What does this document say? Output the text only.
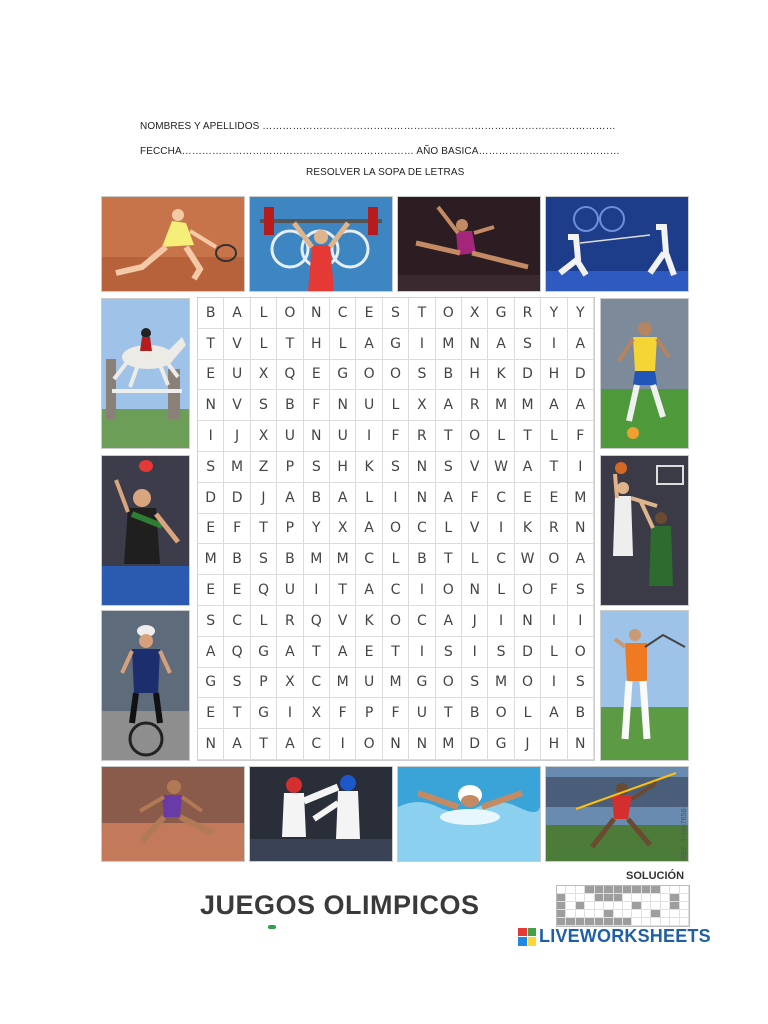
NOMBRES Y APELLIDOS ……………………………………………………………………………………………
FECCHA…………………………………………………………… AÑO BASICA……………………………………
RESOLVER LA SOPA DE LETRAS
B	A	L	O	N	C	E	S	T	O	X	G	R	Y	Y
T	V	L	T	H	L	A	G	I	M	N	A	S	I	A
E	U	X	Q	E	G	O	O	S	B	H	K	D	H	D
N	V	S	B	F	N	U	L	X	A	R	M	M	A	A
I	J	X	U	N	U	I	F	R	T	O	L	T	L	F
S	M	Z	P	S	H	K	S	N	S	V	W	A	T	I
D	D	J	A	B	A	L	I	N	A	F	C	E	E	M
E	F	T	P	Y	X	A	O	C	L	V	I	K	R	N
M	B	S	B	M	M	C	L	B	T	L	C	W O	A
E	E	Q	U	I	T	A	C	I	O	N	L	O	F	S
S	C	L	R	Q	V	K	O	C	A	J	I	N	I	I
A	Q	G	A	T	A	E	T	I	S	I	S	D	L	O
G	S	P	X	C	M	U	M	G	O	S	M	O	I	S
E	T	G	I	X	F	P	F	U	T	B	O	L	A	B
N	A	T	A	C	I	O	N	N	M	D	G	J	H	N
REF: 3-1467658-1
JUEGOS OLIMPICOS
SOLUCIÓN
LIVEWORKSHEETS
